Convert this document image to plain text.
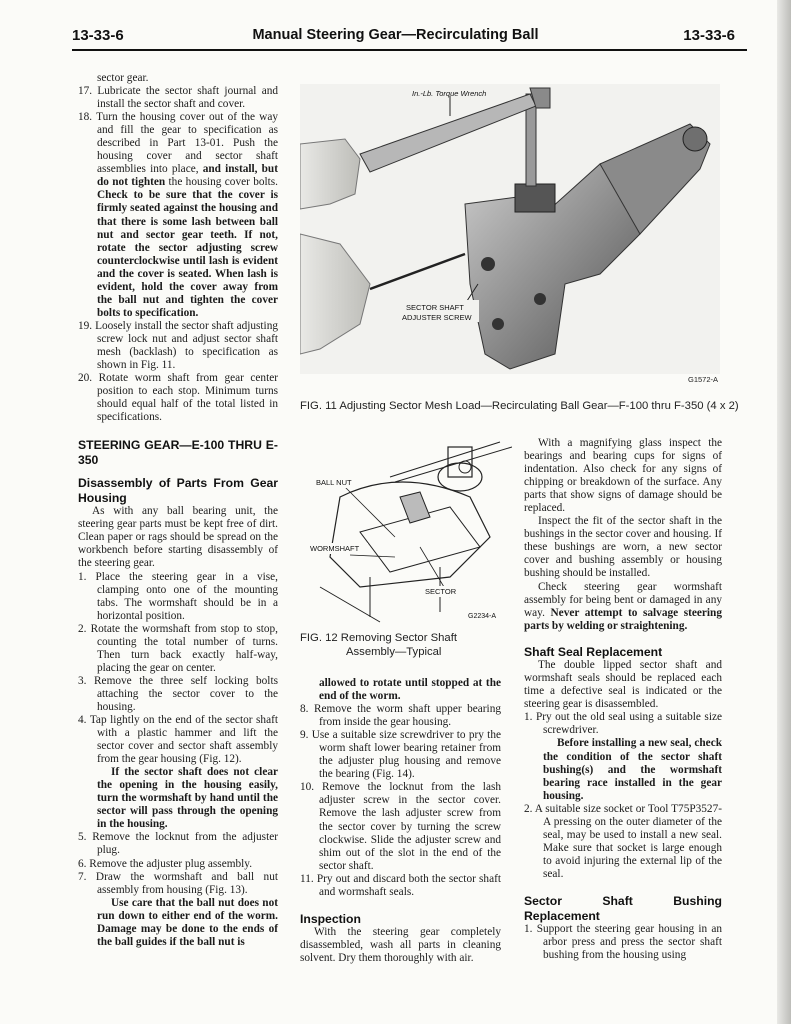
13-33-6	Manual Steering Gear—Recirculating Ball	13-33-6

sector gear.

17. Lubricate the sector shaft journal and install the sector shaft and cover.

18. Turn the housing cover out of the way and fill the gear to specification as described in Part 13-01. Push the housing cover and sector shaft assemblies into place, and install, but do not tighten the housing cover bolts. Check to be sure that the cover is firmly seated against the housing and that there is some lash between ball nut and sector gear teeth. If not, rotate the sector adjusting screw counterclockwise until lash is evident and the cover is seated. When lash is evident, hold the cover away from the ball nut and tighten the cover bolts to specification.

19. Loosely install the sector shaft adjusting screw lock nut and adjust sector shaft mesh (backlash) to specification as shown in Fig. 11.

20. Rotate worm shaft from gear center position to each stop. Minimum turns should equal half of the total listed in specifications.

STEERING GEAR—E-100 THRU E-350

Disassembly of Parts From Gear Housing

As with any ball bearing unit, the steering gear parts must be kept free of dirt. Clean paper or rags should be spread on the workbench before starting disassembly of the steering gear.

1. Place the steering gear in a vise, clamping onto one of the mounting tabs. The wormshaft should be in a horizontal position.

2. Rotate the wormshaft from stop to stop, counting the total number of turns. Then turn back exactly half-way, placing the gear on center.

3. Remove the three self locking bolts attaching the sector cover to the housing.

4. Tap lightly on the end of the sector shaft with a plastic hammer and lift the sector cover and sector shaft assembly from the gear housing (Fig. 12).

If the sector shaft does not clear the opening in the housing easily, turn the wormshaft by hand until the sector will pass through the opening in the housing.

5. Remove the locknut from the adjuster plug.

6. Remove the adjuster plug assembly.

7. Draw the wormshaft and ball nut assembly from housing (Fig. 13).

Use care that the ball nut does not run down to either end of the worm. Damage may be done to the ends of the ball guides if the ball nut is

In.-Lb. Torque Wrench
SECTOR SHAFT
ADJUSTER SCREW
G1572-A
FIG. 11 Adjusting Sector Mesh Load—Recirculating Ball Gear—F-100 thru F-350 (4 x 2)
BALL NUT
WORMSHAFT
SECTOR
G2234-A
FIG. 12 Removing Sector Shaft
Assembly—Typical

allowed to rotate until stopped at the end of the worm.

8. Remove the worm shaft upper bearing from inside the gear housing.

9. Use a suitable size screwdriver to pry the worm shaft lower bearing retainer from the adjuster plug housing and remove the bearing (Fig. 14).

10. Remove the locknut from the lash adjuster screw in the sector cover. Remove the lash adjuster screw from the sector cover by turning the screw clockwise. Slide the adjuster screw and shim out of the slot in the end of the sector shaft.

11. Pry out and discard both the sector shaft and wormshaft seals.

Inspection

With the steering gear completely disassembled, wash all parts in cleaning solvent. Dry them thoroughly with air.

With a magnifying glass inspect the bearings and bearing cups for signs of indentation. Also check for any signs of chipping or breakdown of the surface. Any parts that show signs of damage should be replaced.

Inspect the fit of the sector shaft in the bushings in the sector cover and housing. If these bushings are worn, a new sector cover and bushing assembly or housing bushing should be installed.

Check steering gear wormshaft assembly for being bent or damaged in any way. Never attempt to salvage steering parts by welding or straightening.

Shaft Seal Replacement

The double lipped sector shaft and wormshaft seals should be replaced each time a defective seal is indicated or the steering gear is disassembled.

1. Pry out the old seal using a suitable size screwdriver.

Before installing a new seal, check the condition of the sector shaft bushing(s) and the wormshaft bearing race installed in the gear housing.

2. A suitable size socket or Tool T75P3527-A pressing on the outer diameter of the seal, may be used to install a new seal. Make sure that socket is large enough to avoid injuring the external lip of the seal.

Sector Shaft Bushing Replacement

1. Support the steering gear housing in an arbor press and press the sector shaft bushing from the housing using
